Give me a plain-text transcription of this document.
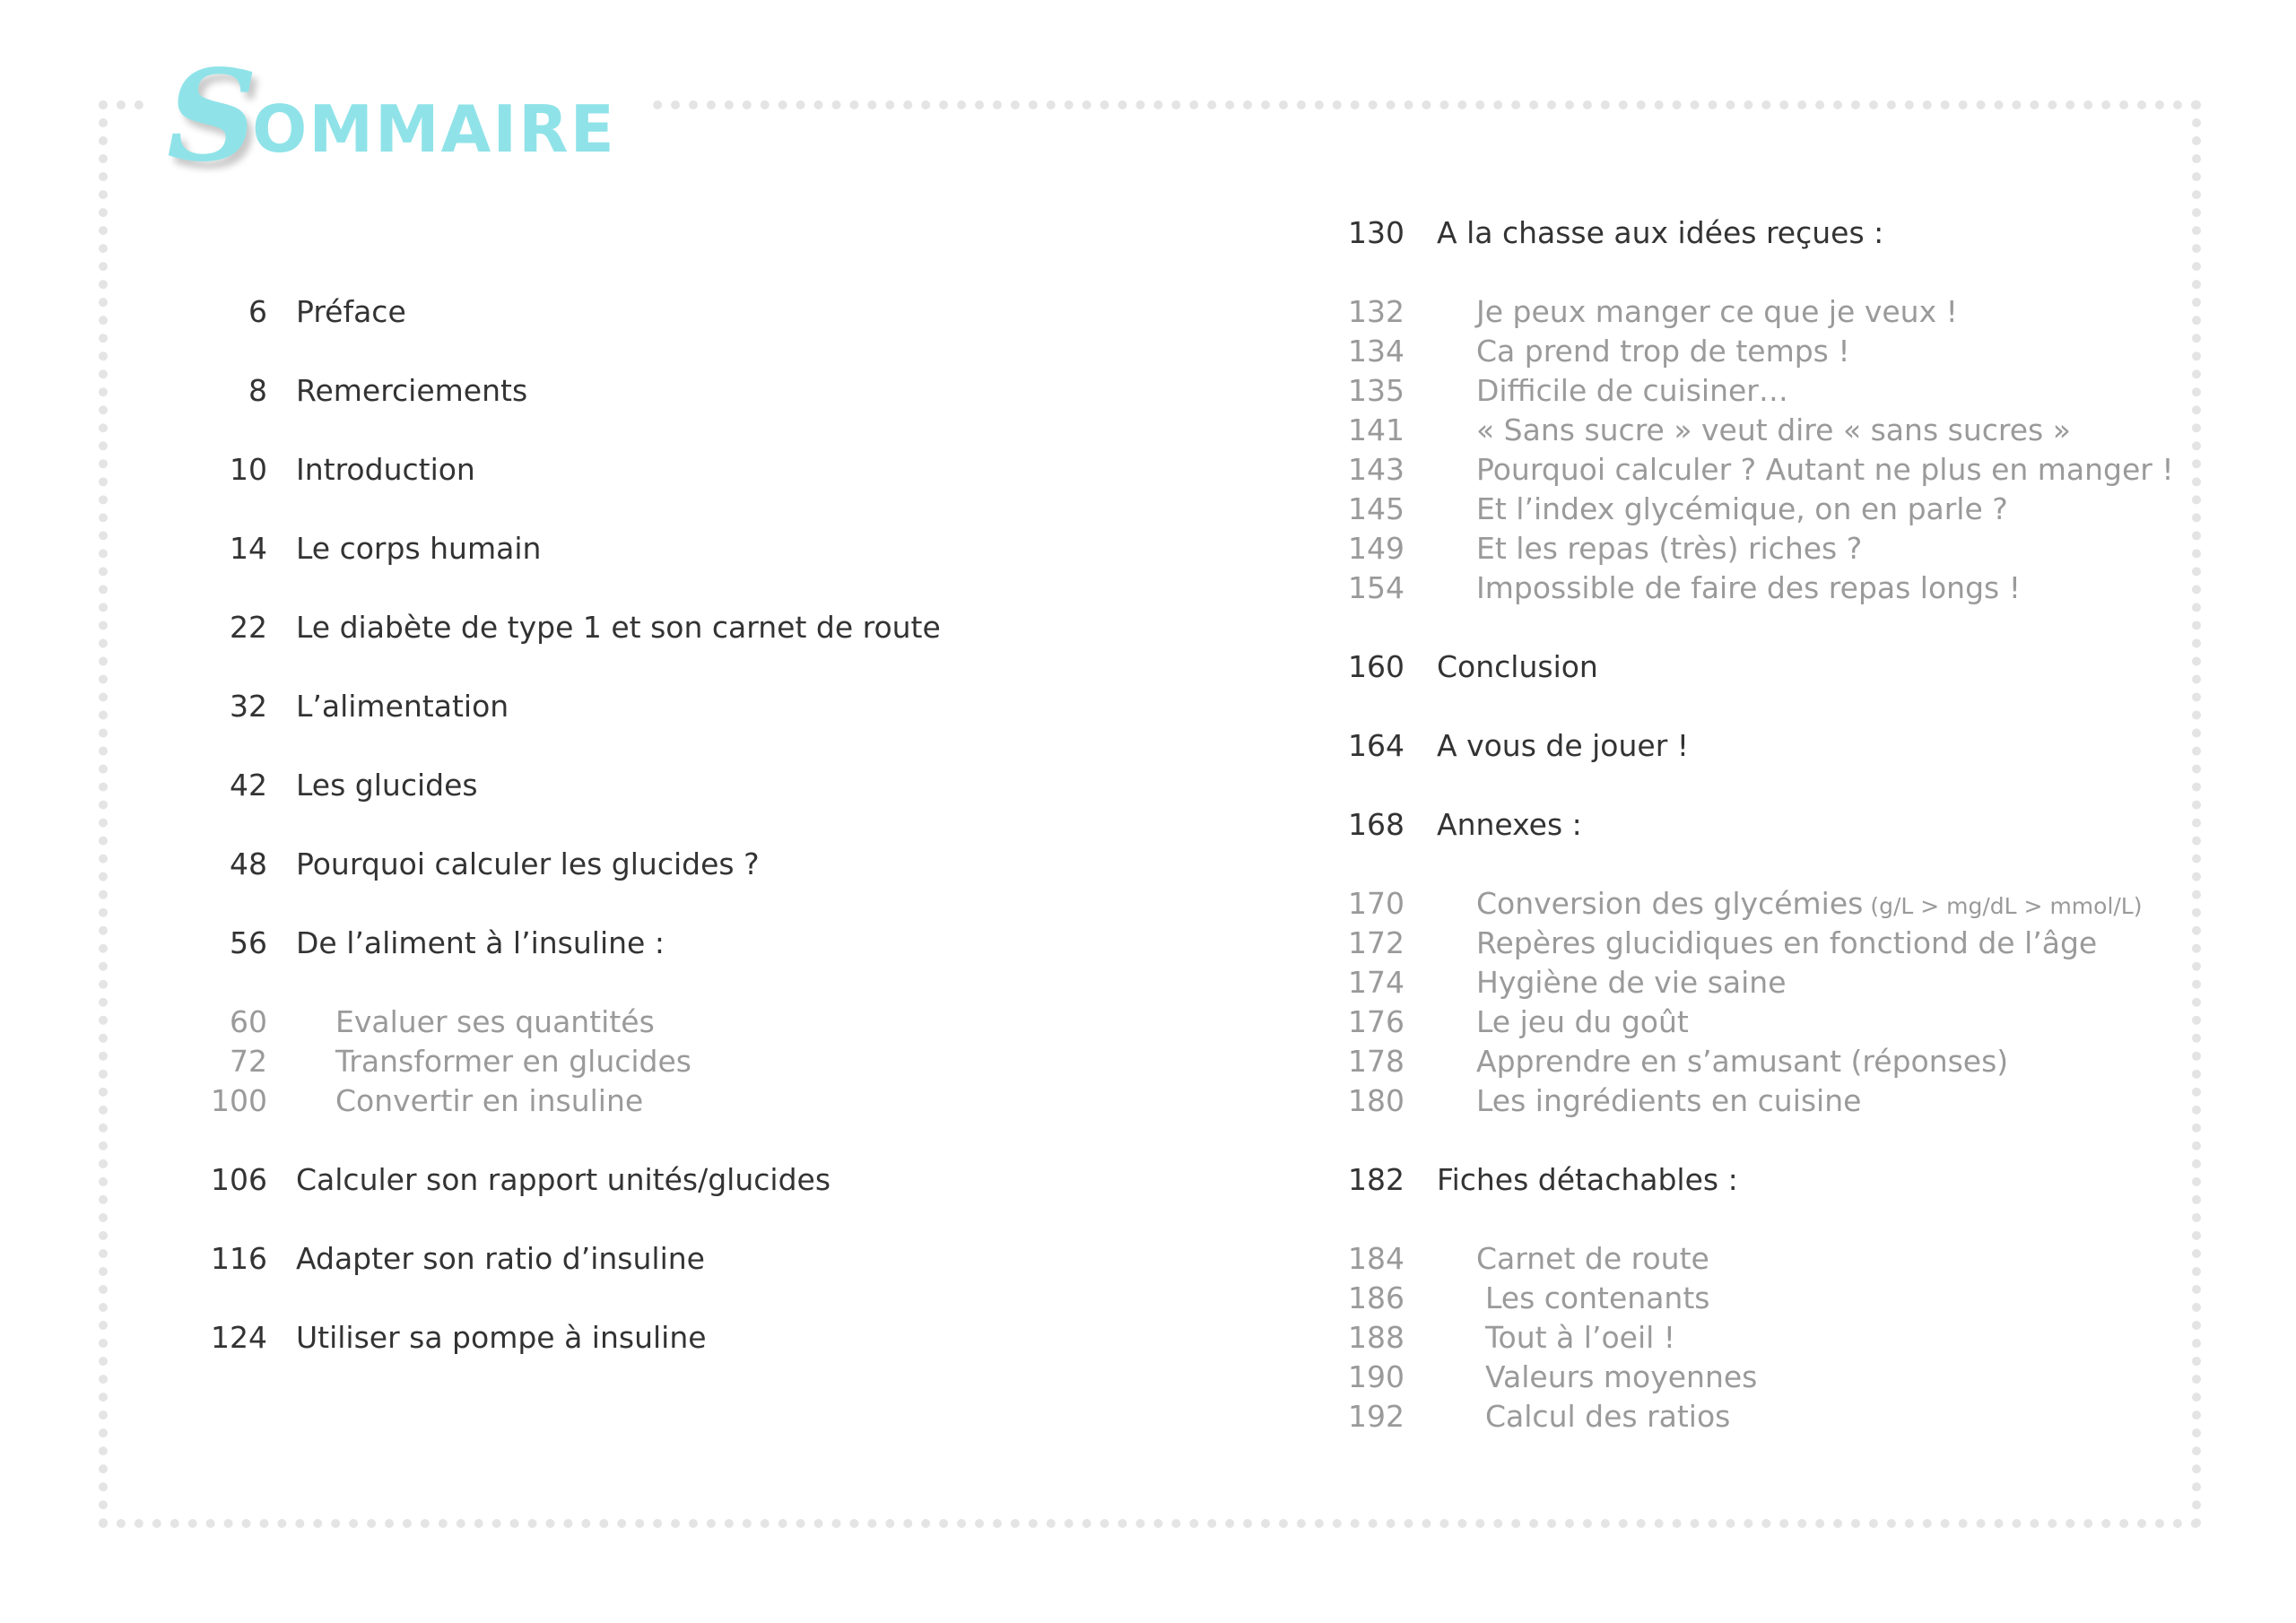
S
OMMAIRE
6 Préface
8 Remerciements
10 Introduction
14 Le corps humain
22 Le diabète de type 1 et son carnet de route
32 L’alimentation
42 Les glucides
48 Pourquoi calculer les glucides ?
56 De l’aliment à l’insuline :
60 Evaluer ses quantités
72 Transformer en glucides
100 Convertir en insuline
106 Calculer son rapport unités/glucides
116 Adapter son ratio d’insuline
124 Utiliser sa pompe à insuline
130 A la chasse aux idées reçues :
132 Je peux manger ce que je veux !
134 Ca prend trop de temps !
135 Difficile de cuisiner…
141 « Sans sucre » veut dire « sans sucres »
143 Pourquoi calculer ? Autant ne plus en manger !
145 Et l’index glycémique, on en parle ?
149 Et les repas (très) riches ?
154 Impossible de faire des repas longs !
160 Conclusion
164 A vous de jouer !
168 Annexes :
170 Conversion des glycémies (g/L > mg/dL > mmol/L)
172 Repères glucidiques en fonctiond de l’âge
174 Hygiène de vie saine
176 Le jeu du goût
178 Apprendre en s’amusant (réponses)
180 Les ingrédients en cuisine
182 Fiches détachables :
184 Carnet de route
186	Les contenants
188	Tout à l’oeil !
190	Valeurs moyennes
192	Calcul des ratios
